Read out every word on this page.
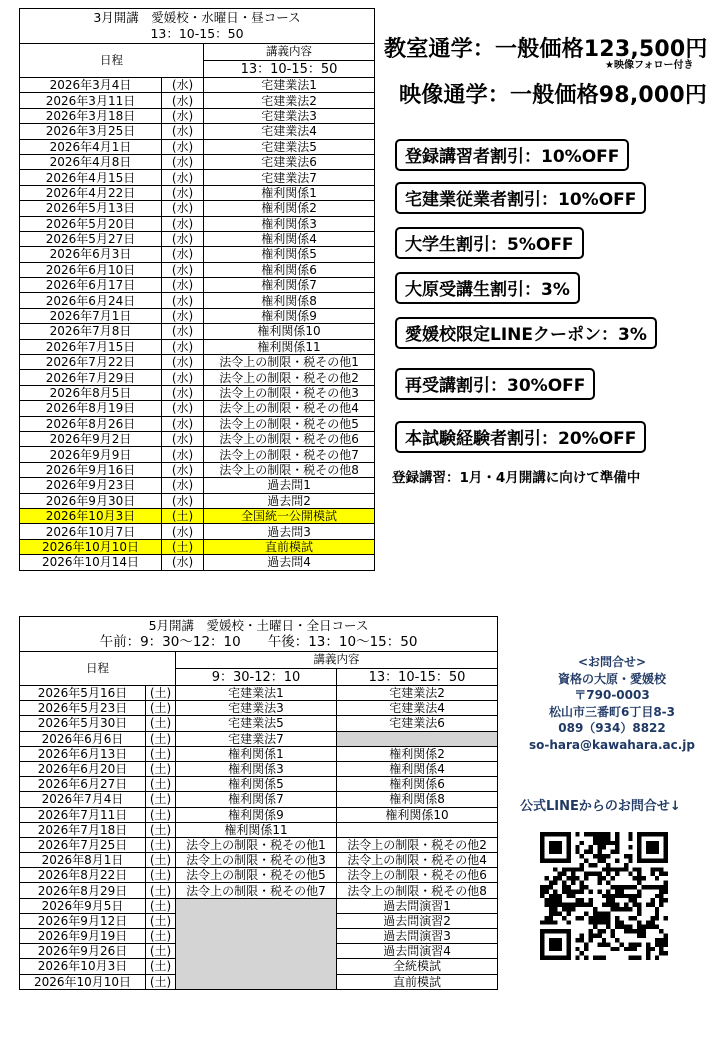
3月開講　愛媛校・水曜日・昼コース
13：10-15：50		

日程		講義内容
		13：10-15：50
2026年3月4日	(水)	宅建業法1
2026年3月11日	(水)	宅建業法2
2026年3月18日	(水)	宅建業法3
2026年3月25日	(水)	宅建業法4
2026年4月1日	(水)	宅建業法5
2026年4月8日	(水)	宅建業法6
2026年4月15日	(水)	宅建業法7
2026年4月22日	(水)	権利関係1
2026年5月13日	(水)	権利関係2
2026年5月20日	(水)	権利関係3
2026年5月27日	(水)	権利関係4
2026年6月3日	(水)	権利関係5
2026年6月10日	(水)	権利関係6
2026年6月17日	(水)	権利関係7
2026年6月24日	(水)	権利関係8
2026年7月1日	(水)	権利関係9
2026年7月8日	(水)	権利関係10
2026年7月15日	(水)	権利関係11
2026年7月22日	(水)	法令上の制限・税その他1
2026年7月29日	(水)	法令上の制限・税その他2
2026年8月5日	(水)	法令上の制限・税その他3
2026年8月19日	(水)	法令上の制限・税その他4
2026年8月26日	(水)	法令上の制限・税その他5
2026年9月2日	(水)	法令上の制限・税その他6
2026年9月9日	(水)	法令上の制限・税その他7
2026年9月16日	(水)	法令上の制限・税その他8
2026年9月23日	(水)	過去問1
2026年9月30日	(水)	過去問2
2026年10月3日	(土)	全国統一公開模試
2026年10月7日	(水)	過去問3
2026年10月10日	(土)	直前模試
2026年10月14日	(水)	過去問4
教室通学：一般価格123,500円
★映像フォロー付き
映像通学：一般価格98,000円
登録講習者割引：10%OFF
宅建業従業者割引：10%OFF
大学生割引：5%OFF
大原受講生割引：3%
愛媛校限定LINEクーポン：3%
再受講割引：30%OFF
本試験経験者割引：20%OFF
登録講習：1月・4月開講に向けて準備中
5月開講　愛媛校・土曜日・全日コース
午前：9：30〜12：10　　午後：13：10〜15：50			

日程		講義内容	
		9：30-12：10	13：10-15：50
2026年5月16日	(土)	宅建業法1	宅建業法2
2026年5月23日	(土)	宅建業法3	宅建業法4
2026年5月30日	(土)	宅建業法5	宅建業法6
2026年6月6日	(土)	宅建業法7	
2026年6月13日	(土)	権利関係1	権利関係2
2026年6月20日	(土)	権利関係3	権利関係4
2026年6月27日	(土)	権利関係5	権利関係6
2026年7月4日	(土)	権利関係7	権利関係8
2026年7月11日	(土)	権利関係9	権利関係10
2026年7月18日	(土)	権利関係11	
2026年7月25日	(土)	法令上の制限・税その他1	法令上の制限・税その他2
2026年8月1日	(土)	法令上の制限・税その他3	法令上の制限・税その他4
2026年8月22日	(土)	法令上の制限・税その他5	法令上の制限・税その他6
2026年8月29日	(土)	法令上の制限・税その他7	法令上の制限・税その他8
2026年9月5日	(土)		過去問演習1
2026年9月12日	(土)		過去問演習2
2026年9月19日	(土)		過去問演習3
2026年9月26日	(土)		過去問演習4
2026年10月3日	(土)		全統模試
2026年10月10日	(土)		直前模試
<お問合せ>
資格の大原・愛媛校
〒790-0003
松山市三番町6丁目8-3
089（934）8822
so-hara@kawahara.ac.jp
公式LINEからのお問合せ↓
